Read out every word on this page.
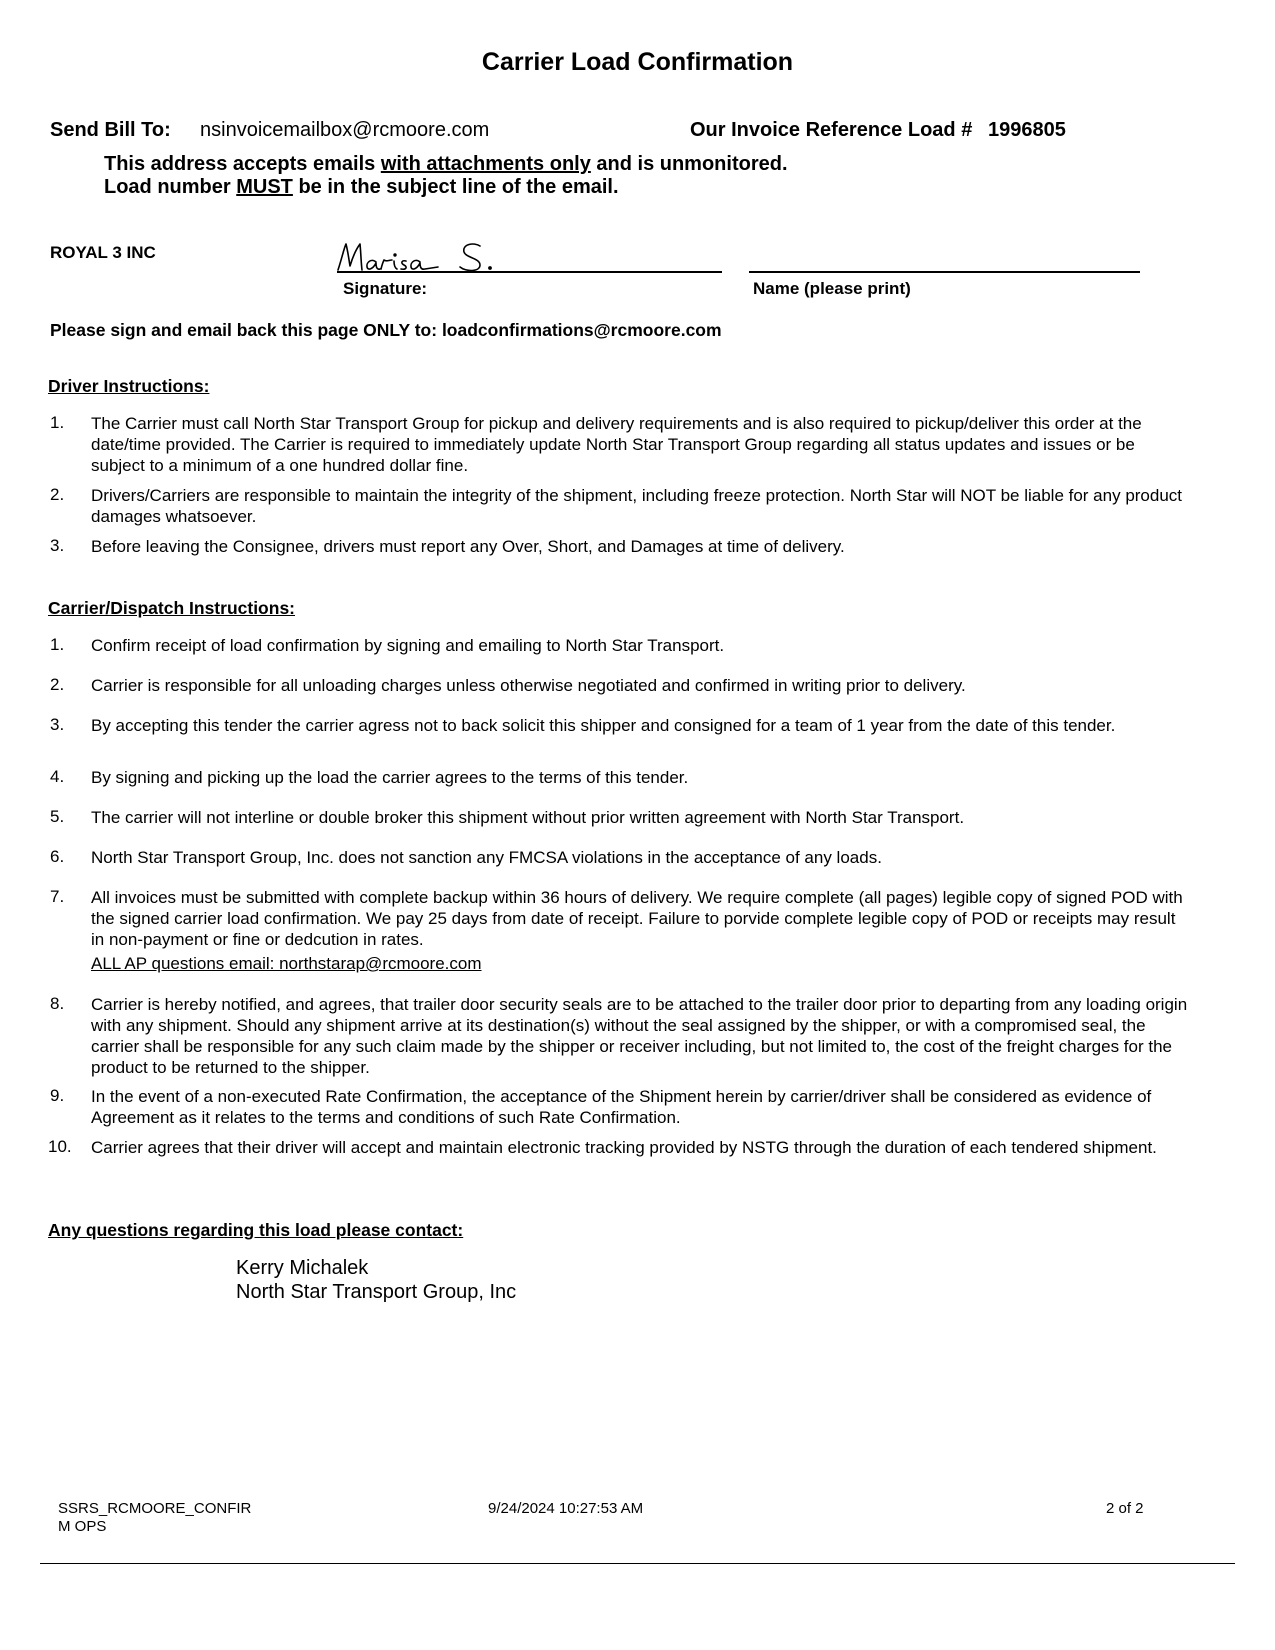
Carrier Load Confirmation
Send Bill To: nsinvoicemailbox@rcmoore.com	Our Invoice Reference Load # 1996805
This address accepts emails with attachments only and is unmonitored.
Load number MUST be in the subject line of the email.
ROYAL 3 INC
Signature:	Name (please print)
Please sign and email back this page ONLY to: loadconfirmations@rcmoore.com
Driver Instructions:
1. The Carrier must call North Star Transport Group for pickup and delivery requirements and is also required to pickup/deliver this order at the date/time provided. The Carrier is required to immediately update North Star Transport Group regarding all status updates and issues or be subject to a minimum of a one hundred dollar fine.
2. Drivers/Carriers are responsible to maintain the integrity of the shipment, including freeze protection. North Star will NOT be liable for any product damages whatsoever.
3. Before leaving the Consignee, drivers must report any Over, Short, and Damages at time of delivery.
Carrier/Dispatch Instructions:
1. Confirm receipt of load confirmation by signing and emailing to North Star Transport.
2. Carrier is responsible for all unloading charges unless otherwise negotiated and confirmed in writing prior to delivery.
3. By accepting this tender the carrier agress not to back solicit this shipper and consigned for a team of 1 year from the date of this tender.
4. By signing and picking up the load the carrier agrees to the terms of this tender.
5. The carrier will not interline or double broker this shipment without prior written agreement with North Star Transport.
6. North Star Transport Group, Inc. does not sanction any FMCSA violations in the acceptance of any loads.
7. All invoices must be submitted with complete backup within 36 hours of delivery. We require complete (all pages) legible copy of signed POD with the signed carrier load confirmation. We pay 25 days from date of receipt. Failure to porvide complete legible copy of POD or receipts may result in non-payment or fine or dedcution in rates.
ALL AP questions email: northstarap@rcmoore.com
8. Carrier is hereby notified, and agrees, that trailer door security seals are to be attached to the trailer door prior to departing from any loading origin with any shipment. Should any shipment arrive at its destination(s) without the seal assigned by the shipper, or with a compromised seal, the carrier shall be responsible for any such claim made by the shipper or receiver including, but not limited to, the cost of the freight charges for the product to be returned to the shipper.
9. In the event of a non-executed Rate Confirmation, the acceptance of the Shipment herein by carrier/driver shall be considered as evidence of Agreement as it relates to the terms and conditions of such Rate Confirmation.
10. Carrier agrees that their driver will accept and maintain electronic tracking provided by NSTG through the duration of each tendered shipment.
Any questions regarding this load please contact:
Kerry Michalek
North Star Transport Group, Inc
SSRS_RCMOORE_CONFIR
M OPS
9/24/2024 10:27:53 AM	2 of 2
